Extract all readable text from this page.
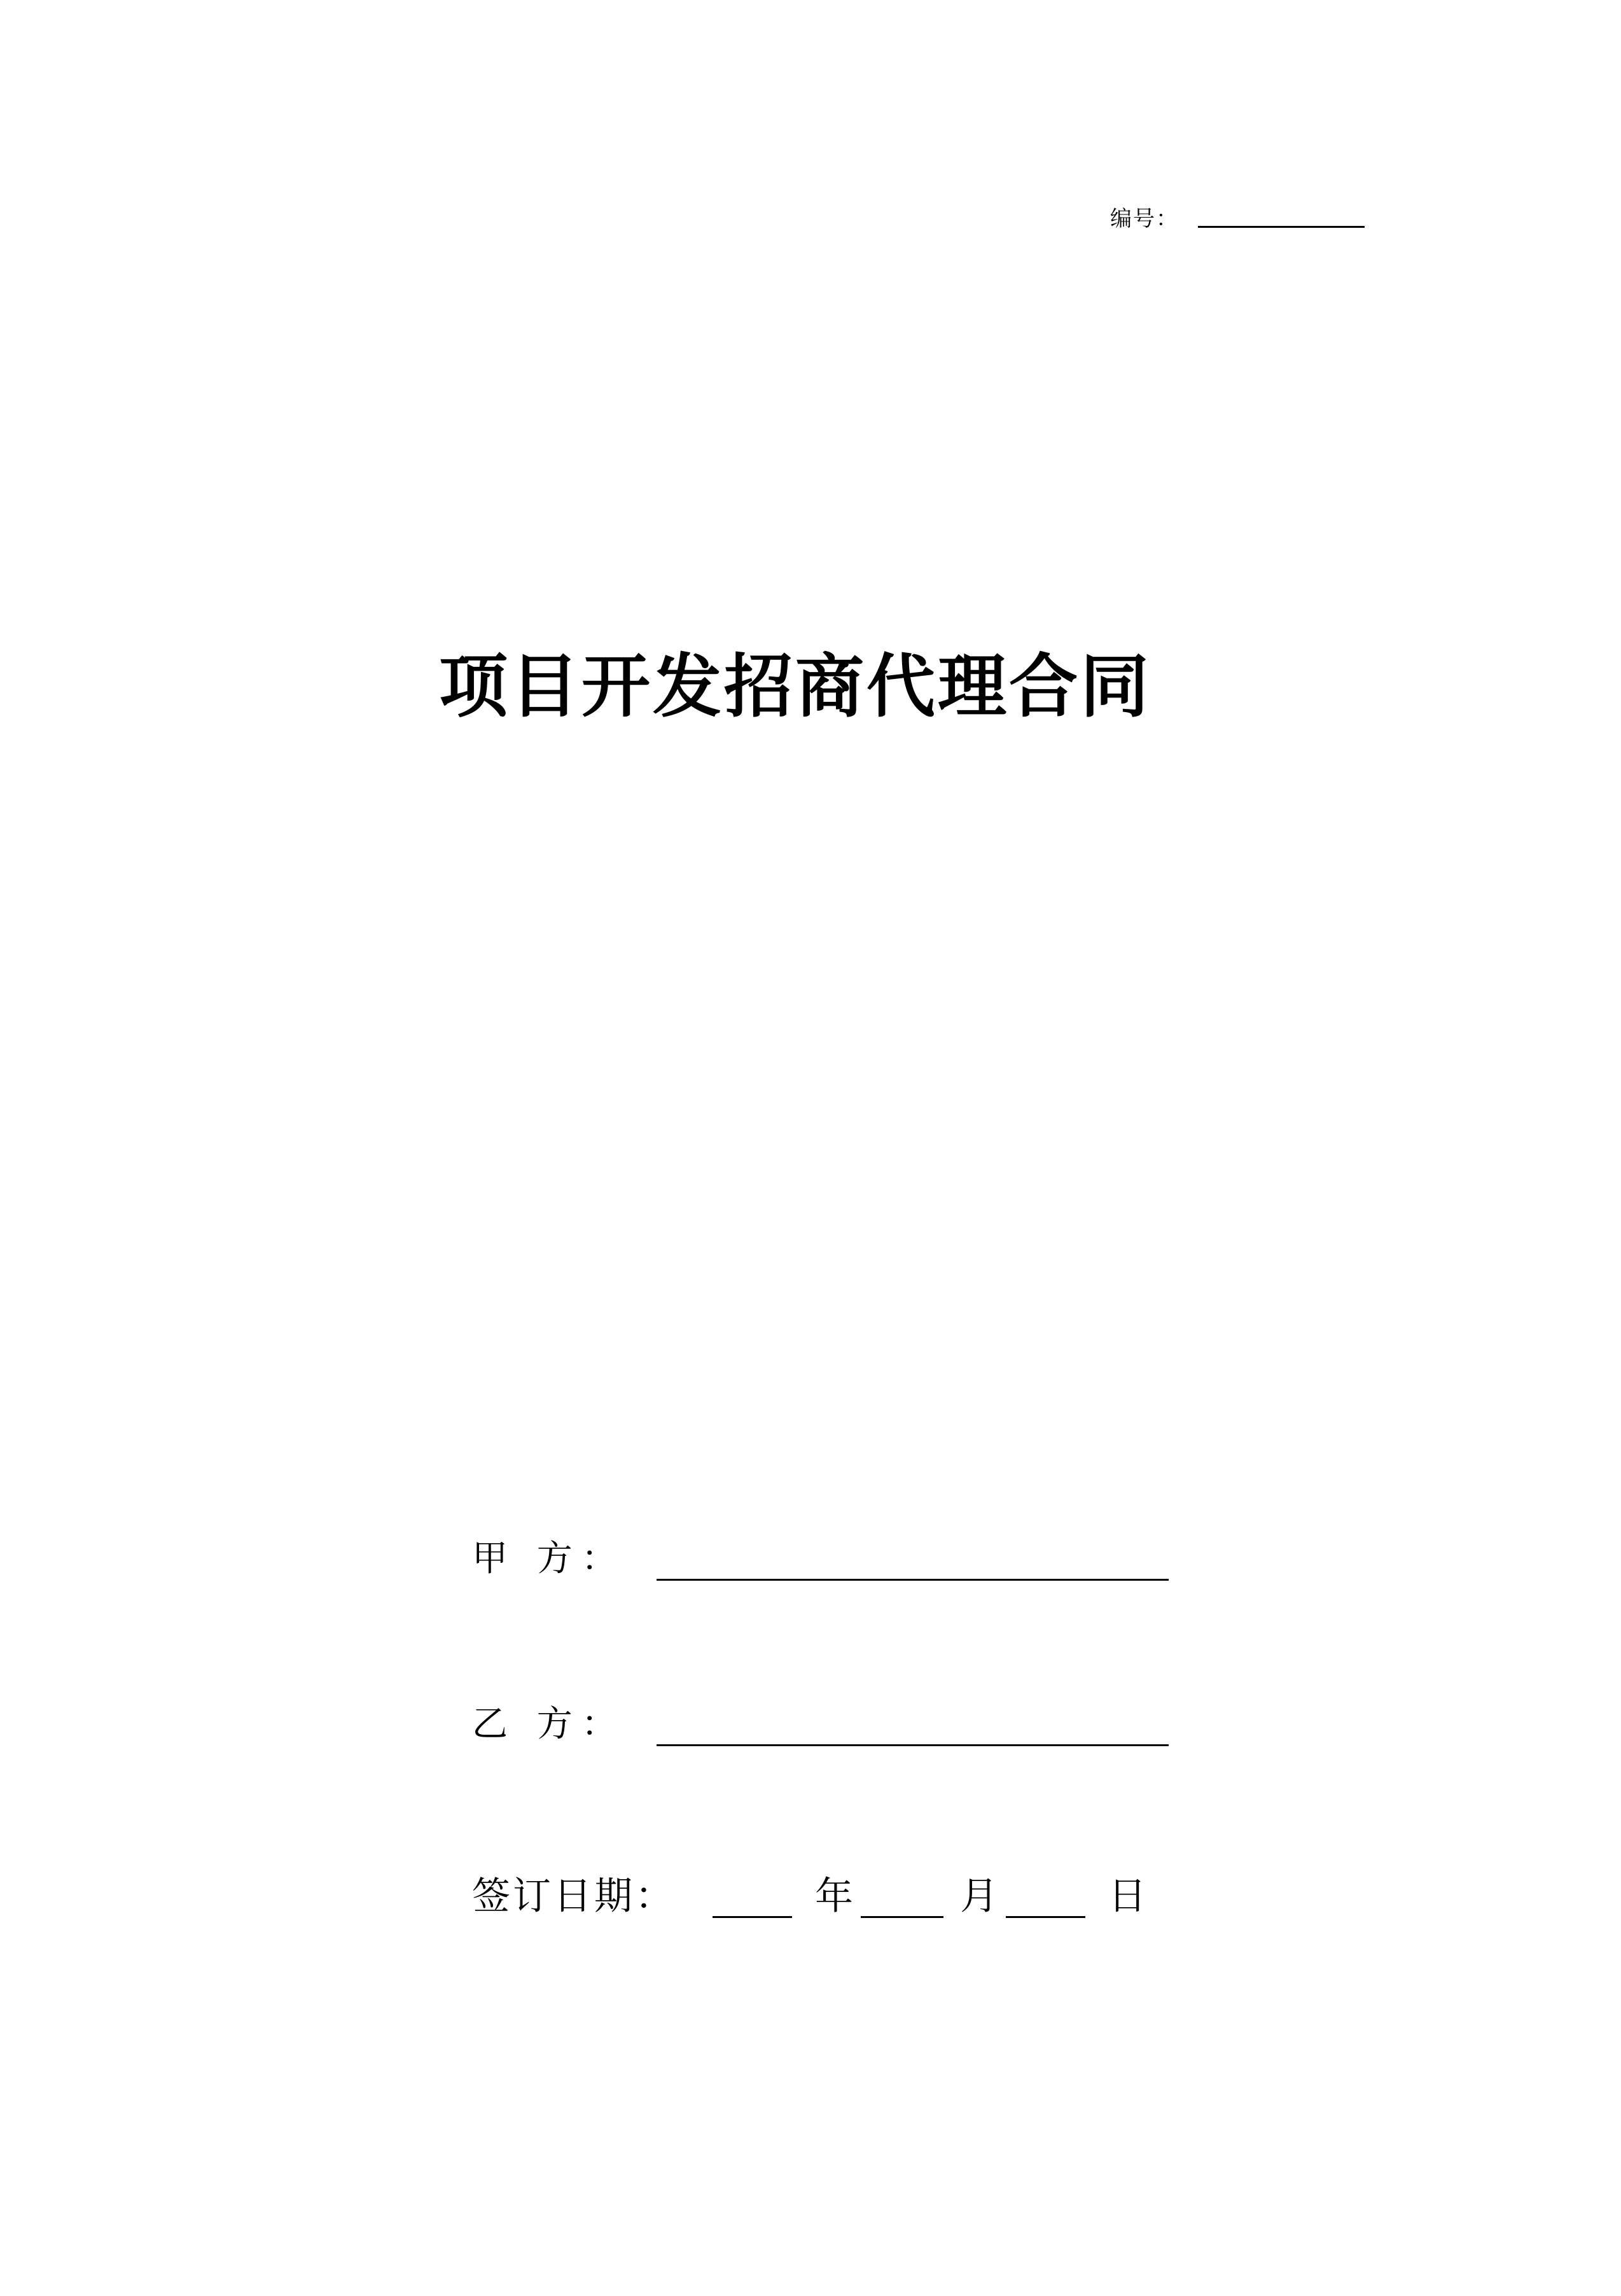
编号：
项目开发招商代理合同
甲 方：
乙 方：
签订日期：	年	月	日
